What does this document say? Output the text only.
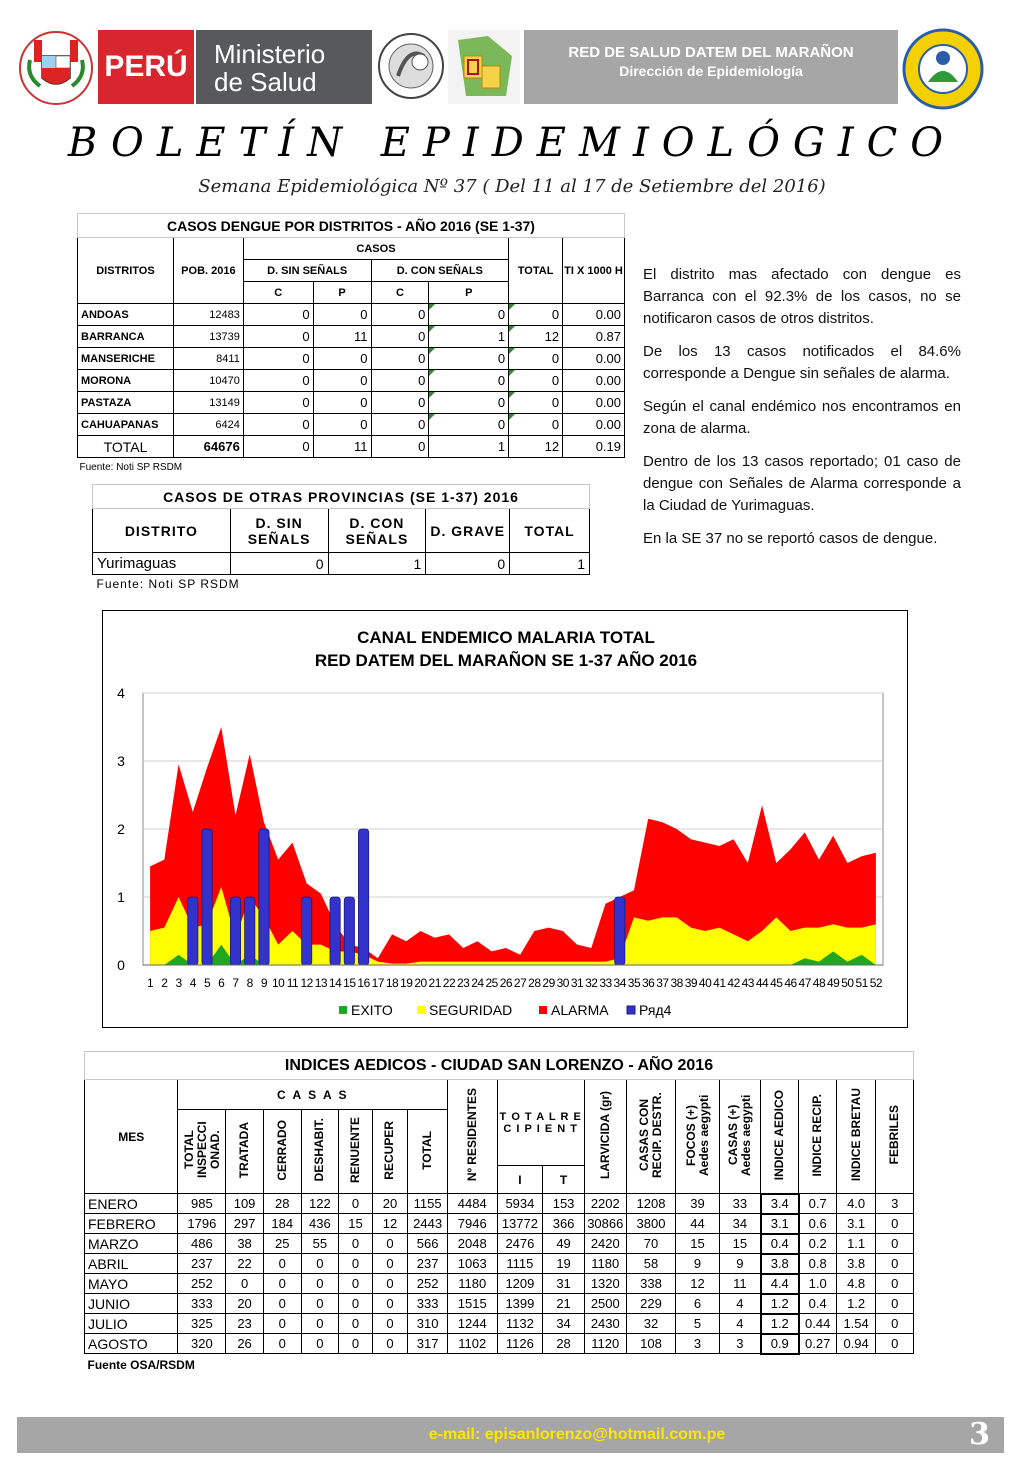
PERÚ Ministerio
de Salud
RED DE SALUD DATEM DEL MARAÑON
Dirección de Epidemiología
BOLETÍN EPIDEMIOLÓGICO
Semana Epidemiológica Nº 37 ( Del 11 al 17 de Setiembre del 2016)
CASOS DENGUE POR DISTRITOS - AÑO 2016 (SE 1-37)							
DISTRITOS	POB. 2016	CASOS				TOTAL	TI X 1000 H
		D. SIN SEÑALS		D. CON SEÑALS			
		C	P	C	P		
ANDOAS	12483	0	0	0	0	0	0.00
BARRANCA	13739	0	11	0	1	12	0.87
MANSERICHE	8411	0	0	0	0	0	0.00
MORONA	10470	0	0	0	0	0	0.00
PASTAZA	13149	0	0	0	0	0	0.00
CAHUAPANAS	6424	0	0	0	0	0	0.00
TOTAL	64676	0	11	0	1	12	0.19
Fuente: Noti SP RSDM							
CASOS DE OTRAS PROVINCIAS (SE 1-37) 2016				
DISTRITO	D. SIN SEÑALS	D. CON SEÑALS	D. GRAVE	TOTAL
Yurimaguas	0	1	0	1
Fuente: Noti SP RSDM				

El distrito mas afectado con dengue es Barranca con el 92.3% de los casos, no se notificaron casos de otros distritos.

De los 13 casos notificados el 84.6% corresponde a Dengue sin señales de alarma.

Según el canal endémico nos encontramos en zona de alarma.

Dentro de los 13 casos reportado; 01 caso de dengue con Señales de Alarma corresponde a la Ciudad de Yurimaguas.

En la SE 37 no se reportó casos de dengue.

CANAL ENDEMICO MALARIA TOTAL
RED DATEM DEL MARAÑON SE 1-37 AÑO 2016
0
1
2
3
4
1 2 3 4 5 6 7 8 9 10 11 12 13 14 15 16 17 18 19 20 21 22 23 24 25 26 27 28 29 30 31 32 33 34 35 36 37 38 39 40 41 42 43 44 45 46 47 48 49 50 51 52
EXITO	SEGURIDAD	ALARMA Ряд4
INDICES AEDICOS - CIUDAD SAN LORENZO - AÑO 2016																		
MES	C A S A S							Nº RESIDENTES	T O T A L R E C I P I E N T		LARVICIDA (gr)	CASAS CON RECIP. DESTR.	FOCOS (+) Aedes aegypti	CASAS (+) Aedes aegypti	INDICE AEDICO	INDICE RECIP.	INDICE BRETAU	FEBRILES
	TOTAL INSPECCI ONAD.	TRATADA	CERRADO	DESHABIT.	RENUENTE	RECUPER	TOTAL											
									I	T								
ENERO	985	109	28	122	0	20	1155	4484	5934	153	2202	1208	39	33	3.4	0.7	4.0	3
FEBRERO	1796	297	184	436	15	12	2443	7946	13772	366	30866	3800	44	34	3.1	0.6	3.1	0
MARZO	486	38	25	55	0	0	566	2048	2476	49	2420	70	15	15	0.4	0.2	1.1	0
ABRIL	237	22	0	0	0	0	237	1063	1115	19	1180	58	9	9	3.8	0.8	3.8	0
MAYO	252	0	0	0	0	0	252	1180	1209	31	1320	338	12	11	4.4	1.0	4.8	0
JUNIO	333	20	0	0	0	0	333	1515	1399	21	2500	229	6	4	1.2	0.4	1.2	0
JULIO	325	23	0	0	0	0	310	1244	1132	34	2430	32	5	4	1.2	0.44	1.54	0
AGOSTO	320	26	0	0	0	0	317	1102	1126	28	1120	108	3	3	0.9	0.27	0.94	0
Fuente OSA/RSDM																		
e-mail: episanlorenzo@hotmail.com.pe	3
